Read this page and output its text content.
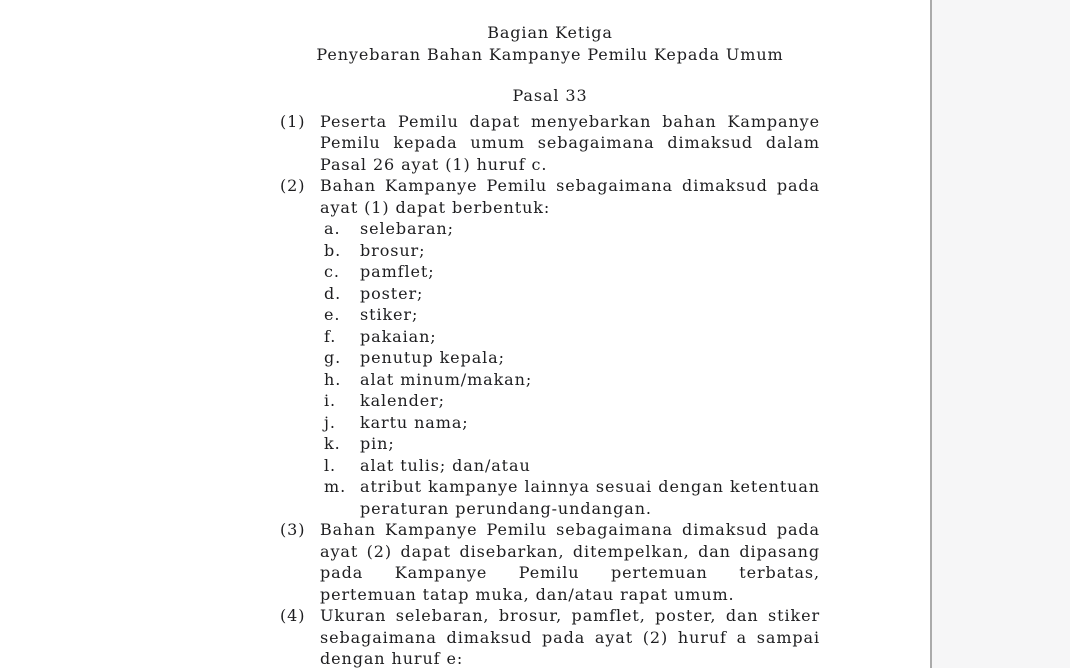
Bagian Ketiga
Penyebaran Bahan Kampanye Pemilu Kepada Umum
Pasal 33
(1) Peserta Pemilu dapat menyebarkan bahan Kampanye Pemilu kepada umum sebagaimana dimaksud dalam Pasal 26 ayat (1) huruf c.
(2) Bahan Kampanye Pemilu sebagaimana dimaksud pada ayat (1) dapat berbentuk:
a.	selebaran;
b.	brosur;
c.	pamflet;
d.	poster;
e.	stiker;
f.	pakaian;
g.	penutup kepala;
h.	alat minum/makan;
i.	kalender;
j.	kartu nama;
k.	pin;
l.	alat tulis; dan/atau
m. atribut kampanye lainnya sesuai dengan ketentuan peraturan perundang-undangan.
(3) Bahan Kampanye Pemilu sebagaimana dimaksud pada ayat (2) dapat disebarkan, ditempelkan, dan dipasang pada Kampanye Pemilu pertemuan terbatas, pertemuan tatap muka, dan/atau rapat umum.
(4) Ukuran selebaran, brosur, pamflet, poster, dan stiker sebagaimana dimaksud pada ayat (2) huruf a sampai dengan huruf e:
